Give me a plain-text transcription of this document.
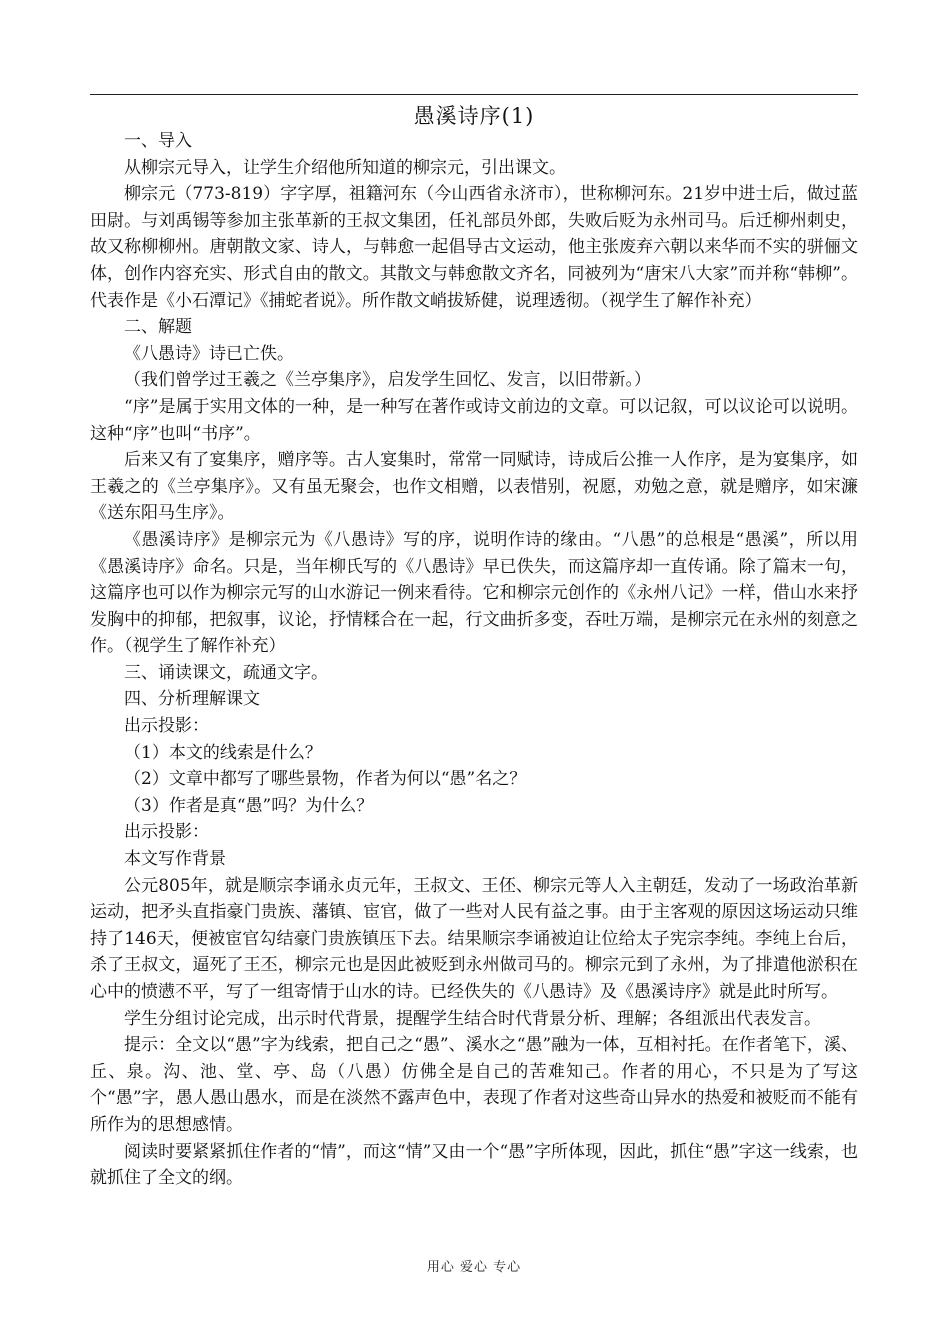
愚溪诗序(1)

一、导入

从柳宗元导入，让学生介绍他所知道的柳宗元，引出课文。

柳宗元（773-819）字字厚，祖籍河东（今山西省永济市），世称柳河东。21岁中进士后，做过蓝田尉。与刘禹锡等参加主张革新的王叔文集团，任礼部员外郎，失败后贬为永州司马。后迁柳州刺史，故又称柳柳州。唐朝散文家、诗人，与韩愈一起倡导古文运动，他主张废弃六朝以来华而不实的骈俪文体，创作内容充实、形式自由的散文。其散文与韩愈散文齐名，同被列为“唐宋八大家”而并称“韩柳”。代表作是《小石潭记》《捕蛇者说》。所作散文峭拔矫健，说理透彻。（视学生了解作补充）

二、解题

《八愚诗》诗已亡佚。

（我们曾学过王羲之《兰亭集序》，启发学生回忆、发言，以旧带新。）

“序”是属于实用文体的一种，是一种写在著作或诗文前边的文章。可以记叙，可以议论可以说明。这种“序”也叫“书序”。

后来又有了宴集序，赠序等。古人宴集时，常常一同赋诗，诗成后公推一人作序，是为宴集序，如王羲之的《兰亭集序》。又有虽无聚会，也作文相赠，以表惜别，祝愿，劝勉之意，就是赠序，如宋濂《送东阳马生序》。

《愚溪诗序》是柳宗元为《八愚诗》写的序，说明作诗的缘由。“八愚”的总根是“愚溪”，所以用《愚溪诗序》命名。只是，当年柳氏写的《八愚诗》早已佚失，而这篇序却一直传诵。除了篇末一句，这篇序也可以作为柳宗元写的山水游记一例来看待。它和柳宗元创作的《永州八记》一样，借山水来抒发胸中的抑郁，把叙事，议论，抒情糅合在一起，行文曲折多变，吞吐万端，是柳宗元在永州的刻意之作。（视学生了解作补充）

三、诵读课文，疏通文字。

四、分析理解课文

出示投影：

（1）本文的线索是什么？

（2）文章中都写了哪些景物，作者为何以“愚”名之？

（3）作者是真“愚”吗？为什么？

出示投影：

本文写作背景

公元805年，就是顺宗李诵永贞元年，王叔文、王伾、柳宗元等人入主朝廷，发动了一场政治革新运动，把矛头直指豪门贵族、藩镇、宦官，做了一些对人民有益之事。由于主客观的原因这场运动只维持了146天，便被宦官勾结豪门贵族镇压下去。结果顺宗李诵被迫让位给太子宪宗李纯。李纯上台后，杀了王叔文，逼死了王丕，柳宗元也是因此被贬到永州做司马的。柳宗元到了永州，为了排遣他淤积在心中的愤懑不平，写了一组寄情于山水的诗。已经佚失的《八愚诗》及《愚溪诗序》就是此时所写。

学生分组讨论完成，出示时代背景，提醒学生结合时代背景分析、理解；各组派出代表发言。

提示：全文以“愚”字为线索，把自己之“愚”、溪水之“愚”融为一体，互相衬托。在作者笔下，溪、丘、泉。沟、池、堂、亭、岛（八愚）仿佛全是自己的苦难知己。作者的用心，不只是为了写这个“愚”字，愚人愚山愚水，而是在淡然不露声色中，表现了作者对这些奇山异水的热爱和被贬而不能有所作为的思想感情。

阅读时要紧紧抓住作者的“情”，而这“情”又由一个“愚”字所体现，因此，抓住“愚”字这一线索，也就抓住了全文的纲。

用心 爱心 专心
